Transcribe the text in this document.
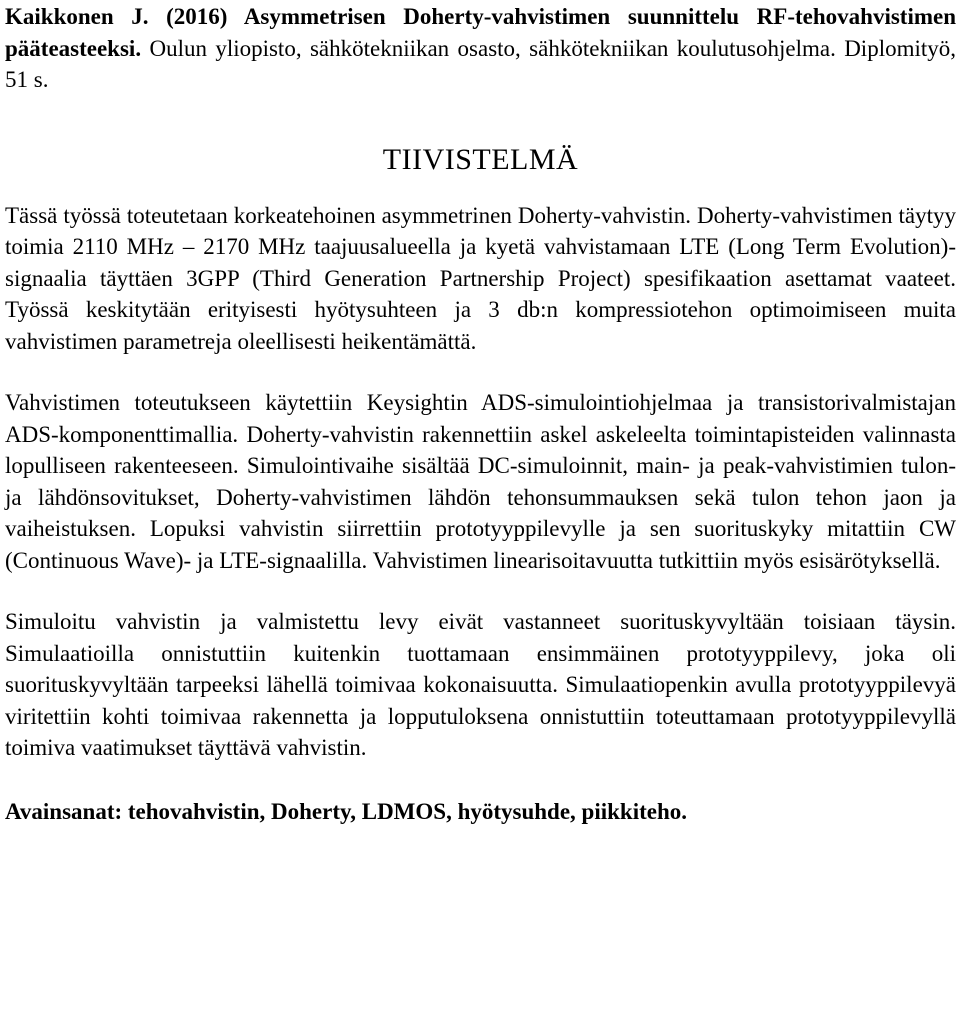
Kaikkonen J. (2016) Asymmetrisen Doherty-vahvistimen suunnittelu RF-tehovahvistimen pääteasteeksi. Oulun yliopisto, sähkötekniikan osasto, sähkötekniikan koulutusohjelma. Diplomityö, 51 s.

TIIVISTELMÄ

Tässä työssä toteutetaan korkeatehoinen asymmetrinen Doherty-vahvistin. Doherty-vahvistimen täytyy toimia 2110 MHz – 2170 MHz taajuusalueella ja kyetä vahvistamaan LTE (Long Term Evolution)-signaalia täyttäen 3GPP (Third Generation Partnership Project) spesifikaation asettamat vaateet. Työssä keskitytään erityisesti hyötysuhteen ja 3 db:n kompressiotehon optimoimiseen muita vahvistimen parametreja oleellisesti heikentämättä.

Vahvistimen toteutukseen käytettiin Keysightin ADS-simulointiohjelmaa ja transistorivalmistajan ADS-komponenttimallia. Doherty-vahvistin rakennettiin askel askeleelta toimintapisteiden valinnasta lopulliseen rakenteeseen. Simulointivaihe sisältää DC-simuloinnit, main- ja peak-vahvistimien tulon- ja lähdönsovitukset, Doherty-vahvistimen lähdön tehonsummauksen sekä tulon tehon jaon ja vaiheistuksen. Lopuksi vahvistin siirrettiin prototyyppilevylle ja sen suorituskyky mitattiin CW (Continuous Wave)- ja LTE-signaalilla. Vahvistimen linearisoitavuutta tutkittiin myös esisärötyksellä.

Simuloitu vahvistin ja valmistettu levy eivät vastanneet suorituskyvyltään toisiaan täysin. Simulaatioilla onnistuttiin kuitenkin tuottamaan ensimmäinen prototyyppilevy, joka oli suorituskyvyltään tarpeeksi lähellä toimivaa kokonaisuutta. Simulaatiopenkin avulla prototyyppilevyä viritettiin kohti toimivaa rakennetta ja lopputuloksena onnistuttiin toteuttamaan prototyyppilevyllä toimiva vaatimukset täyttävä vahvistin.

Avainsanat: tehovahvistin, Doherty, LDMOS, hyötysuhde, piikkiteho.
